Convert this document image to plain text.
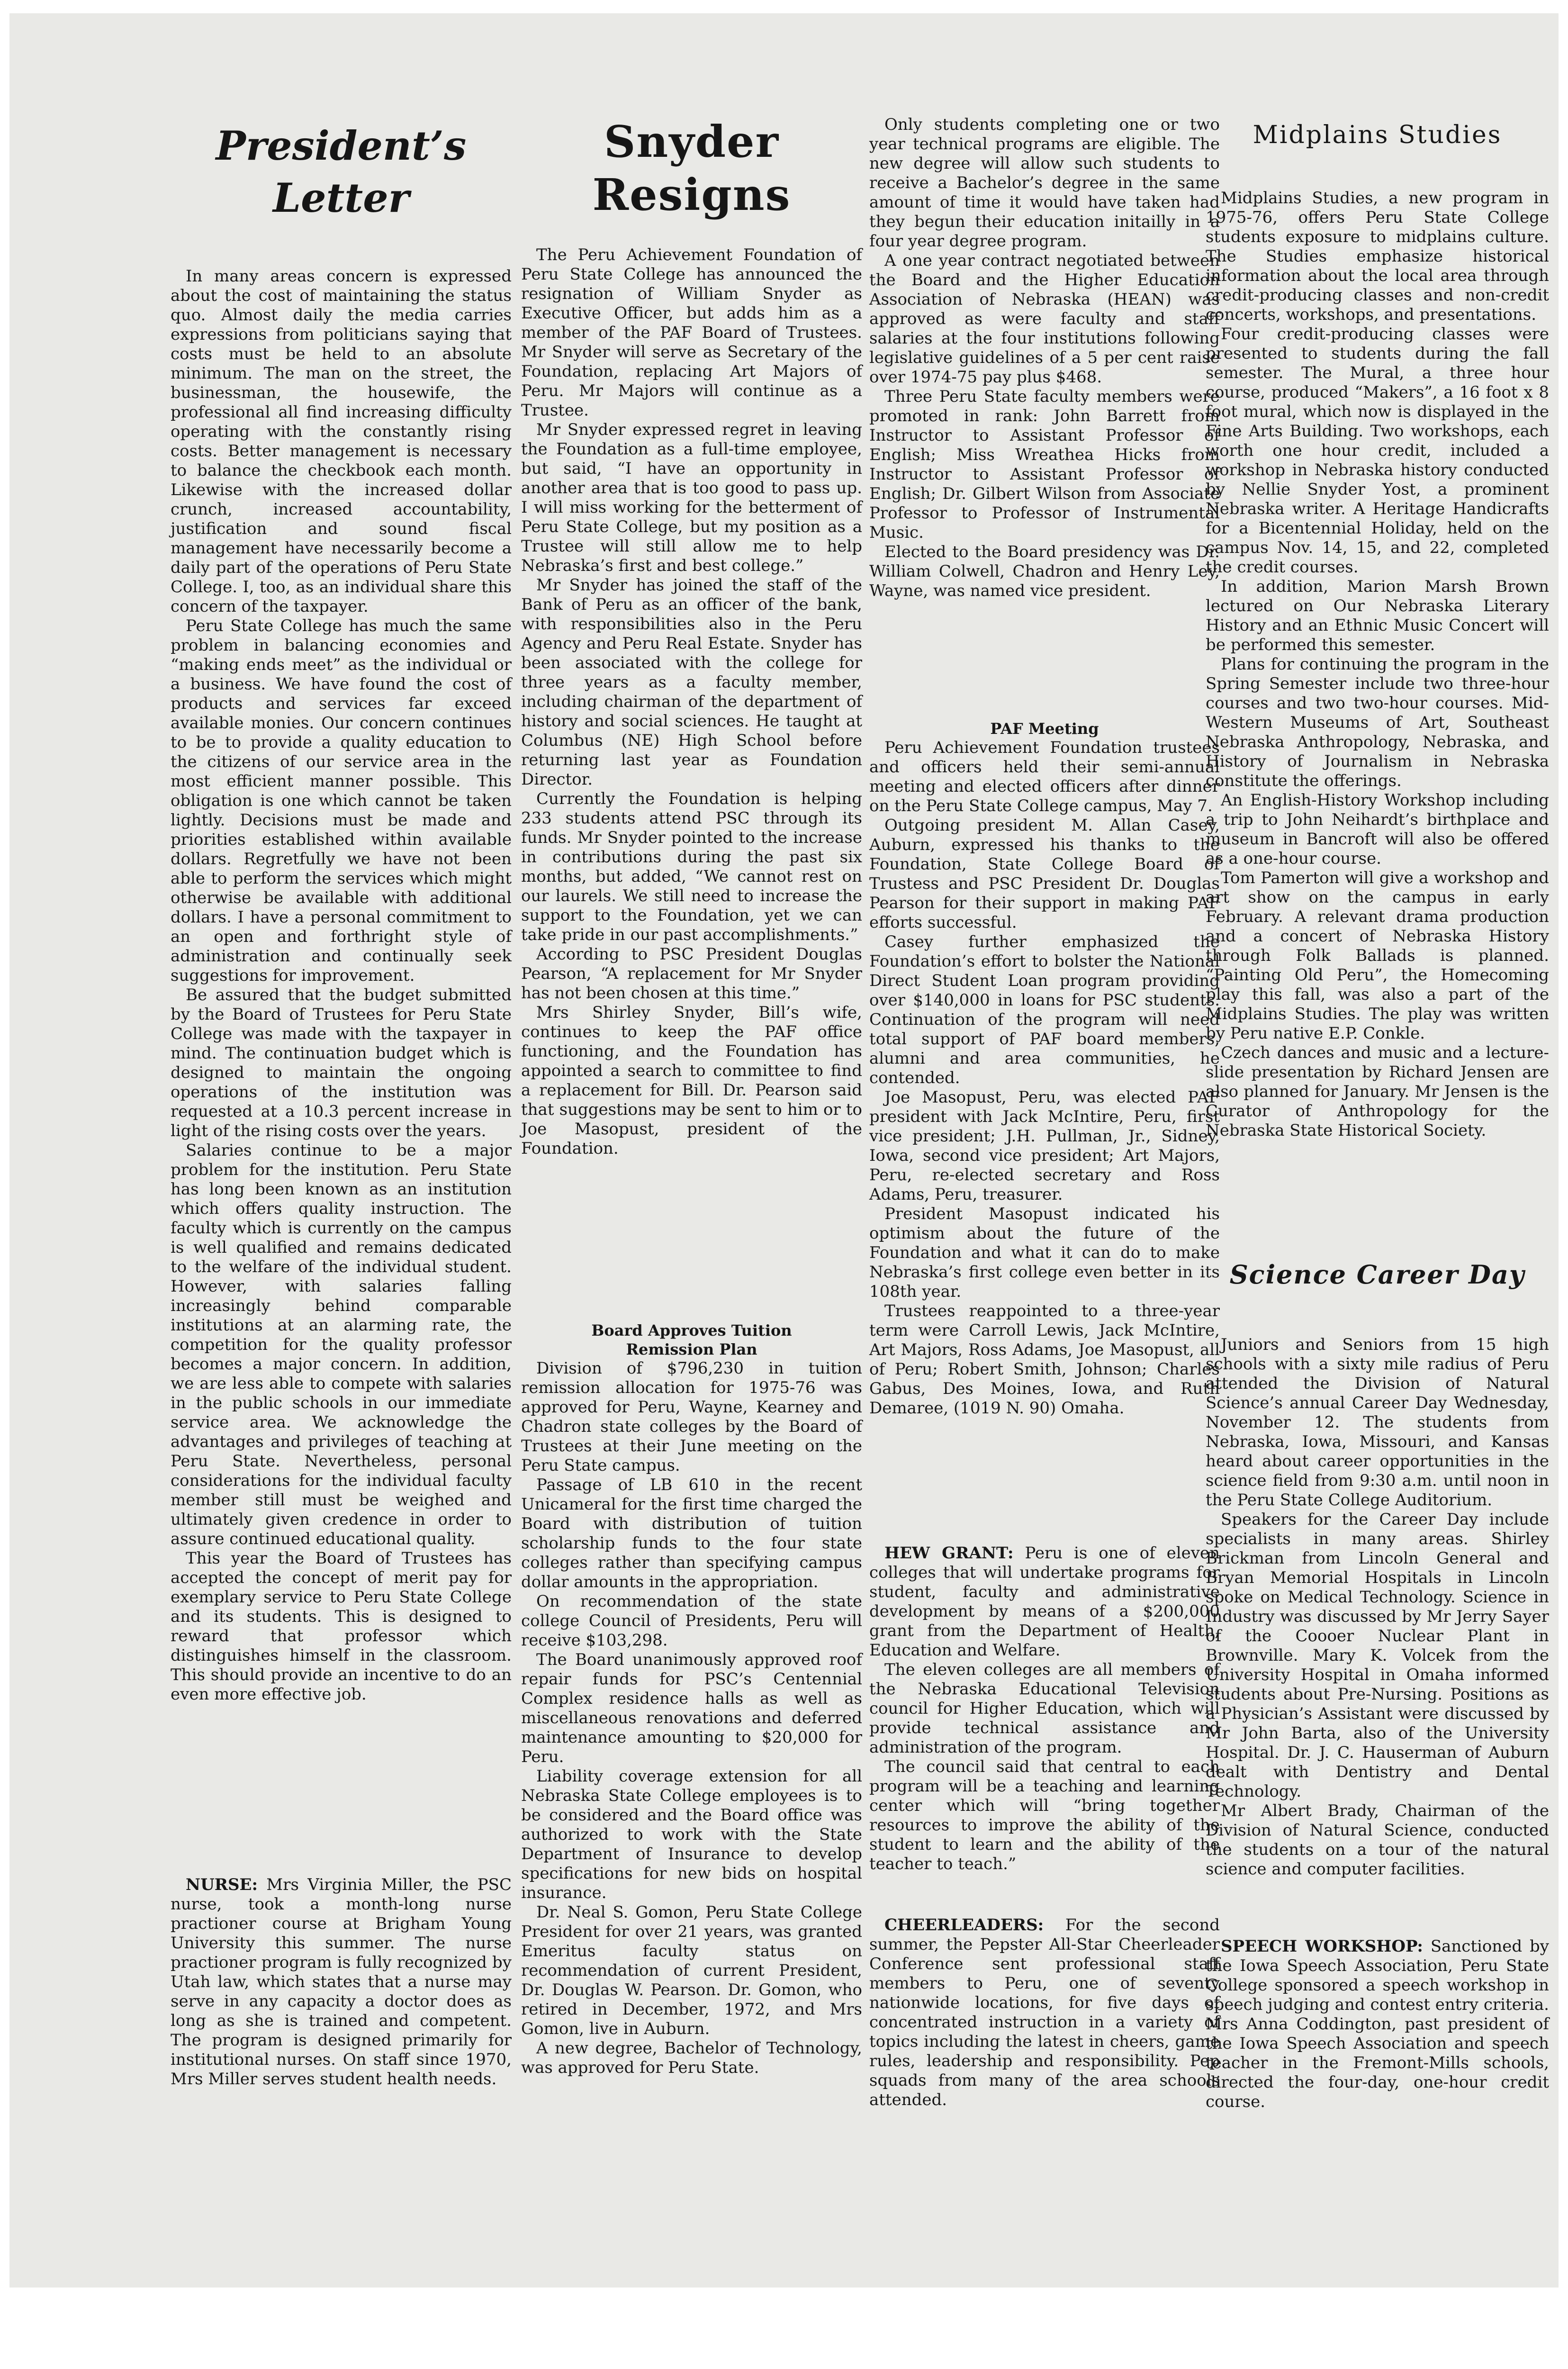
President’s
Letter

In many areas concern is expressed about the cost of maintaining the status quo. Almost daily the media carries expressions from politicians saying that costs must be held to an absolute minimum. The man on the street, the businessman, the housewife, the professional all find increasing difficulty operating with the constantly rising costs. Better management is necessary to balance the checkbook each month. Likewise with the increased dollar crunch, increased accountability, justification and sound fiscal management have necessarily become a daily part of the operations of Peru State College. I, too, as an individual share this concern of the taxpayer.

Peru State College has much the same problem in balancing economies and “making ends meet” as the individual or a business. We have found the cost of products and services far exceed available monies. Our concern continues to be to provide a quality education to the citizens of our service area in the most efficient manner possible. This obligation is one which cannot be taken lightly. Decisions must be made and priorities established within available dollars. Regretfully we have not been able to perform the services which might otherwise be available with additional dollars. I have a personal commitment to an open and forthright style of administration and continually seek suggestions for improvement.

Be assured that the budget submitted by the Board of Trustees for Peru State College was made with the taxpayer in mind. The continuation budget which is designed to maintain the ongoing operations of the institution was requested at a 10.3 percent increase in light of the rising costs over the years.

Salaries continue to be a major problem for the institution. Peru State has long been known as an institution which offers quality instruction. The faculty which is currently on the campus is well qualified and remains dedicated to the welfare of the individual student. However, with salaries falling increasingly behind comparable institutions at an alarming rate, the competition for the quality professor becomes a major concern. In addition, we are less able to compete with salaries in the public schools in our immediate service area. We acknowledge the advantages and privileges of teaching at Peru State. Nevertheless, personal considerations for the individual faculty member still must be weighed and ultimately given credence in order to assure continued educational quality.

This year the Board of Trustees has accepted the concept of merit pay for exemplary service to Peru State College and its students. This is designed to reward that professor which distinguishes himself in the classroom. This should provide an incentive to do an even more effective job.

NURSE: Mrs Virginia Miller, the PSC nurse, took a month-long nurse practioner course at Brigham Young University this summer. The nurse practioner program is fully recognized by Utah law, which states that a nurse may serve in any capacity a doctor does as long as she is trained and competent. The program is designed primarily for institutional nurses. On staff since 1970, Mrs Miller serves student health needs.

Snyder
Resigns

The Peru Achievement Foundation of Peru State College has announced the resignation of William Snyder as Executive Officer, but adds him as a member of the PAF Board of Trustees. Mr Snyder will serve as Secretary of the Foundation, replacing Art Majors of Peru. Mr Majors will continue as a Trustee.

Mr Snyder expressed regret in leaving the Foundation as a full-time employee, but said, “I have an opportunity in another area that is too good to pass up. I will miss working for the betterment of Peru State College, but my position as a Trustee will still allow me to help Nebraska’s first and best college.”

Mr Snyder has joined the staff of the Bank of Peru as an officer of the bank, with responsibilities also in the Peru Agency and Peru Real Estate. Snyder has been associated with the college for three years as a faculty member, including chairman of the department of history and social sciences. He taught at Columbus (NE) High School before returning last year as Foundation Director.

Currently the Foundation is helping 233 students attend PSC through its funds. Mr Snyder pointed to the increase in contributions during the past six months, but added, “We cannot rest on our laurels. We still need to increase the support to the Foundation, yet we can take pride in our past accomplishments.”

According to PSC President Douglas Pearson, “A replacement for Mr Snyder has not been chosen at this time.”

Mrs Shirley Snyder, Bill’s wife, continues to keep the PAF office functioning, and the Foundation has appointed a search to committee to find a replacement for Bill. Dr. Pearson said that suggestions may be sent to him or to Joe Masopust, president of the Foundation.

Board Approves Tuition
Remission Plan

Division of $796,230 in tuition remission allocation for 1975-76 was approved for Peru, Wayne, Kearney and Chadron state colleges by the Board of Trustees at their June meeting on the Peru State campus.

Passage of LB 610 in the recent Unicameral for the first time charged the Board with distribution of tuition scholarship funds to the four state colleges rather than specifying campus dollar amounts in the appropriation.

On recommendation of the state college Council of Presidents, Peru will receive $103,298.

The Board unanimously approved roof repair funds for PSC’s Centennial Complex residence halls as well as miscellaneous renovations and deferred maintenance amounting to $20,000 for Peru.

Liability coverage extension for all Nebraska State College employees is to be considered and the Board office was authorized to work with the State Department of Insurance to develop specifications for new bids on hospital insurance.

Dr. Neal S. Gomon, Peru State College President for over 21 years, was granted Emeritus faculty status on recommendation of current President, Dr. Douglas W. Pearson. Dr. Gomon, who retired in December, 1972, and Mrs Gomon, live in Auburn.

A new degree, Bachelor of Technology, was approved for Peru State.

Only students completing one or two year technical programs are eligible. The new degree will allow such students to receive a Bachelor’s degree in the same amount of time it would have taken had they begun their education initailly in a four year degree program.

A one year contract negotiated between the Board and the Higher Education Association of Nebraska (HEAN) was approved as were faculty and staff salaries at the four institutions following legislative guidelines of a 5 per cent raise over 1974-75 pay plus $468.

Three Peru State faculty members were promoted in rank: John Barrett from Instructor to Assistant Professor of English; Miss Wreathea Hicks from Instructor to Assistant Professor of English; Dr. Gilbert Wilson from Associate Professor to Professor of Instrumental Music.

Elected to the Board presidency was Dr. William Colwell, Chadron and Henry Ley, Wayne, was named vice president.

PAF Meeting

Peru Achievement Foundation trustees and officers held their semi-annual meeting and elected officers after dinner on the Peru State College campus, May 7.

Outgoing president M. Allan Casey, Auburn, expressed his thanks to the Foundation, State College Board of Trustess and PSC President Dr. Douglas Pearson for their support in making PAF efforts successful.

Casey further emphasized the Foundation’s effort to bolster the National Direct Student Loan program providing over $140,000 in loans for PSC students. Continuation of the program will need total support of PAF board members, alumni and area communities, he contended.

Joe Masopust, Peru, was elected PAF president with Jack McIntire, Peru, first vice president; J.H. Pullman, Jr., Sidney, Iowa, second vice president; Art Majors, Peru, re-elected secretary and Ross Adams, Peru, treasurer.

President Masopust indicated his optimism about the future of the Foundation and what it can do to make Nebraska’s first college even better in its 108th year.

Trustees reappointed to a three-year term were Carroll Lewis, Jack McIntire, Art Majors, Ross Adams, Joe Masopust, all of Peru; Robert Smith, Johnson; Charles Gabus, Des Moines, Iowa, and Ruth Demaree, (1019 N. 90) Omaha.

HEW GRANT: Peru is one of eleven colleges that will undertake programs for student, faculty and administrative development by means of a $200,000 grant from the Department of Health, Education and Welfare.

The eleven colleges are all members of the Nebraska Educational Television council for Higher Education, which will provide technical assistance and administration of the program.

The council said that central to each program will be a teaching and learning center which will “bring together resources to improve the ability of the student to learn and the ability of the teacher to teach.”

CHEERLEADERS: For the second summer, the Pepster All-Star Cheerleader Conference sent professional staff members to Peru, one of seventy nationwide locations, for five days of concentrated instruction in a variety of topics including the latest in cheers, game rules, leadership and responsibility. Pep squads from many of the area schools attended.

Midplains Studies

Midplains Studies, a new program in 1975-76, offers Peru State College students exposure to midplains culture. The Studies emphasize historical information about the local area through credit-producing classes and non-credit concerts, workshops, and presentations.

Four credit-producing classes were presented to students during the fall semester. The Mural, a three hour course, produced “Makers”, a 16 foot x 8 foot mural, which now is displayed in the Fine Arts Building. Two workshops, each worth one hour credit, included a workshop in Nebraska history conducted by Nellie Snyder Yost, a prominent Nebraska writer. A Heritage Handicrafts for a Bicentennial Holiday, held on the campus Nov. 14, 15, and 22, completed the credit courses.

In addition, Marion Marsh Brown lectured on Our Nebraska Literary History and an Ethnic Music Concert will be performed this semester.

Plans for continuing the program in the Spring Semester include two three-hour courses and two two-hour courses. Mid-Western Museums of Art, Southeast Nebraska Anthropology, Nebraska, and History of Journalism in Nebraska constitute the offerings.

An English-History Workshop including a trip to John Neihardt’s birthplace and museum in Bancroft will also be offered as a one-hour course.

Tom Pamerton will give a workshop and art show on the campus in early February. A relevant drama production and a concert of Nebraska History through Folk Ballads is planned. “Painting Old Peru”, the Homecoming play this fall, was also a part of the Midplains Studies. The play was written by Peru native E.P. Conkle.

Czech dances and music and a lecture-slide presentation by Richard Jensen are also planned for January. Mr Jensen is the Curator of Anthropology for the Nebraska State Historical Society.

Science Career Day

Juniors and Seniors from 15 high schools with a sixty mile radius of Peru attended the Division of Natural Science’s annual Career Day Wednesday, November 12. The students from Nebraska, Iowa, Missouri, and Kansas heard about career opportunities in the science field from 9:30 a.m. until noon in the Peru State College Auditorium.

Speakers for the Career Day include specialists in many areas. Shirley Brickman from Lincoln General and Bryan Memorial Hospitals in Lincoln spoke on Medical Technology. Science in Industry was discussed by Mr Jerry Sayer of the Coooer Nuclear Plant in Brownville. Mary K. Volcek from the University Hospital in Omaha informed students about Pre-Nursing. Positions as a Physician’s Assistant were discussed by Mr John Barta, also of the University Hospital. Dr. J. C. Hauserman of Auburn dealt with Dentistry and Dental Technology.

Mr Albert Brady, Chairman of the Division of Natural Science, conducted the students on a tour of the natural science and computer facilities.

SPEECH WORKSHOP: Sanctioned by the Iowa Speech Association, Peru State College sponsored a speech workshop in speech judging and contest entry criteria. Mrs Anna Coddington, past president of the Iowa Speech Association and speech teacher in the Fremont-Mills schools, directed the four-day, one-hour credit course.
